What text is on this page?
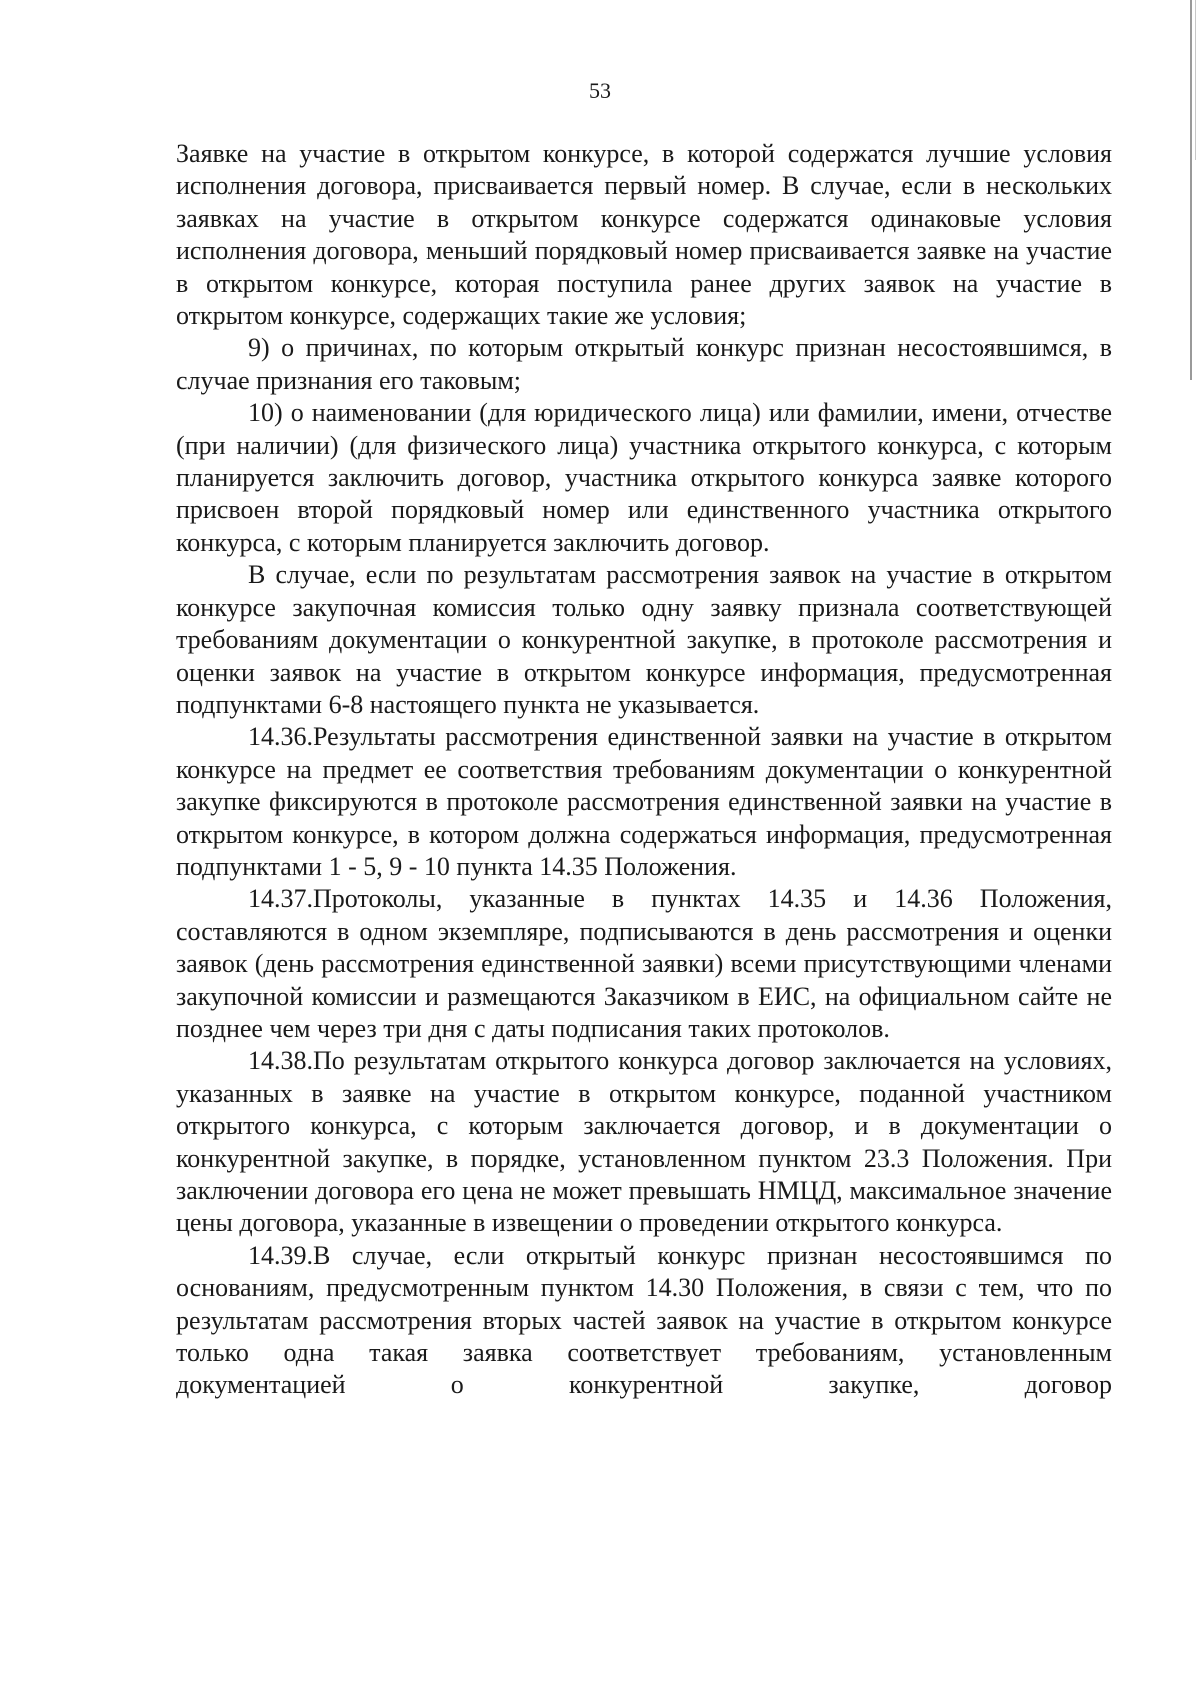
53

Заявке на участие в открытом конкурсе, в которой содержатся лучшие условия исполнения договора, присваивается первый номер. В случае, если в нескольких заявках на участие в открытом конкурсе содержатся одинаковые условия исполнения договора, меньший порядковый номер присваивается заявке на участие в открытом конкурсе, которая поступила ранее других заявок на участие в открытом конкурсе, содержащих такие же условия;

9) о причинах, по которым открытый конкурс признан несостоявшимся, в случае признания его таковым;

10) о наименовании (для юридического лица) или фамилии, имени, отчестве (при наличии) (для физического лица) участника открытого конкурса, с которым планируется заключить договор, участника открытого конкурса заявке которого присвоен второй порядковый номер или единственного участника открытого конкурса, с которым планируется заключить договор.

В случае, если по результатам рассмотрения заявок на участие в открытом конкурсе закупочная комиссия только одну заявку признала соответствующей требованиям документации о конкурентной закупке, в протоколе рассмотрения и оценки заявок на участие в открытом конкурсе информация, предусмотренная подпунктами 6-8 настоящего пункта не указывается.

14.36.Результаты рассмотрения единственной заявки на участие в открытом конкурсе на предмет ее соответствия требованиям документации о конкурентной закупке фиксируются в протоколе рассмотрения единственной заявки на участие в открытом конкурсе, в котором должна содержаться информация, предусмотренная подпунктами 1 - 5, 9 - 10 пункта 14.35 Положения.

14.37.Протоколы, указанные в пунктах 14.35 и 14.36 Положения, составляются в одном экземпляре, подписываются в день рассмотрения и оценки заявок (день рассмотрения единственной заявки) всеми присутствующими членами закупочной комиссии и размещаются Заказчиком в ЕИС, на официальном сайте не позднее чем через три дня с даты подписания таких протоколов.

14.38.По результатам открытого конкурса договор заключается на условиях, указанных в заявке на участие в открытом конкурсе, поданной участником открытого конкурса, с которым заключается договор, и в документации о конкурентной закупке, в порядке, установленном пунктом 23.3 Положения. При заключении договора его цена не может превышать НМЦД, максимальное значение цены договора, указанные в извещении о проведении открытого конкурса.

14.39.В случае, если открытый конкурс признан несостоявшимся по основаниям, предусмотренным пунктом 14.30 Положения, в связи с тем, что по результатам рассмотрения вторых частей заявок на участие в открытом конкурсе только одна такая заявка соответствует требованиям, установленным документацией о конкурентной закупке, договор
